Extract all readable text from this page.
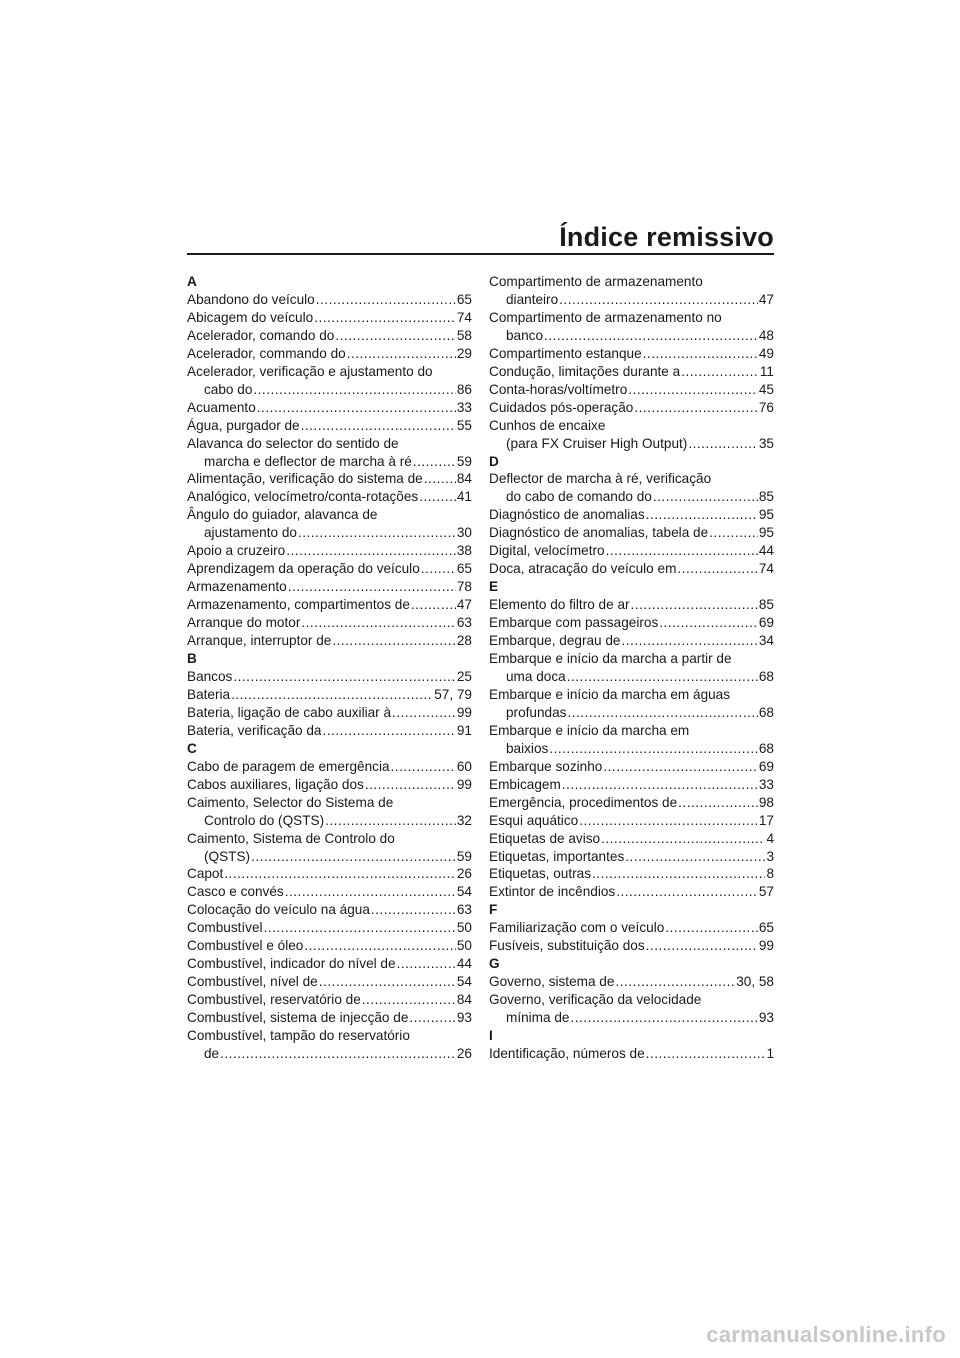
Índice remissivo
A
Abandono do veículo .....	65
Abicagem do veículo .....	74
Acelerador, comando do .....	58
Acelerador, commando do .....	29
Acelerador, verificação e ajustamento do
cabo do .....	86
Acuamento .....	33
Água, purgador de .....	55
Alavanca do selector do sentido de
marcha e deflector de marcha à ré .....	59
Alimentação, verificação do sistema de .....	84
Analógico, velocímetro/conta-rotações .....	41
Ângulo do guiador, alavanca de
ajustamento do .....	30
Apoio a cruzeiro .....	38
Aprendizagem da operação do veículo .....	65
Armazenamento .....	78
Armazenamento, compartimentos de .....	47
Arranque do motor .....	63
Arranque, interruptor de .....	28
B
Bancos .....	25
Bateria .....	57, 79
Bateria, ligação de cabo auxiliar à .....	99
Bateria, verificação da .....	91
C
Cabo de paragem de emergência .....	60
Cabos auxiliares, ligação dos .....	99
Caimento, Selector do Sistema de
Controlo do (QSTS) .....	32
Caimento, Sistema de Controlo do
(QSTS) .....	59
Capot .....	26
Casco e convés .....	54
Colocação do veículo na água .....	63
Combustível .....	50
Combustível e óleo .....	50
Combustível, indicador do nível de .....	44
Combustível, nível de .....	54
Combustível, reservatório de .....	84
Combustível, sistema de injecção de .....	93
Combustível, tampão do reservatório
de .....	26
Compartimento de armazenamento
dianteiro .....	47
Compartimento de armazenamento no
banco .....	48
Compartimento estanque .....	49
Condução, limitações durante a .....	11
Conta-horas/voltímetro .....	45
Cuidados pós-operação .....	76
Cunhos de encaixe
(para FX Cruiser High Output) .....	35
D
Deflector de marcha à ré, verificação
do cabo de comando do .....	85
Diagnóstico de anomalias .....	95
Diagnóstico de anomalias, tabela de .....	95
Digital, velocímetro .....	44
Doca, atracação do veículo em .....	74
E
Elemento do filtro de ar .....	85
Embarque com passageiros .....	69
Embarque, degrau de .....	34
Embarque e início da marcha a partir de
uma doca .....	68
Embarque e início da marcha em águas
profundas .....	68
Embarque e início da marcha em
baixios .....	68
Embarque sozinho .....	69
Embicagem .....	33
Emergência, procedimentos de .....	98
Esqui aquático .....	17
Etiquetas de aviso .....	4
Etiquetas, importantes .....	3
Etiquetas, outras .....	8
Extintor de incêndios .....	57
F
Familiarização com o veículo .....	65
Fusíveis, substituição dos .....	99
G
Governo, sistema de .....	30, 58
Governo, verificação da velocidade
mínima de .....	93
I
Identificação, números de .....	1
carmanualsonline.info
